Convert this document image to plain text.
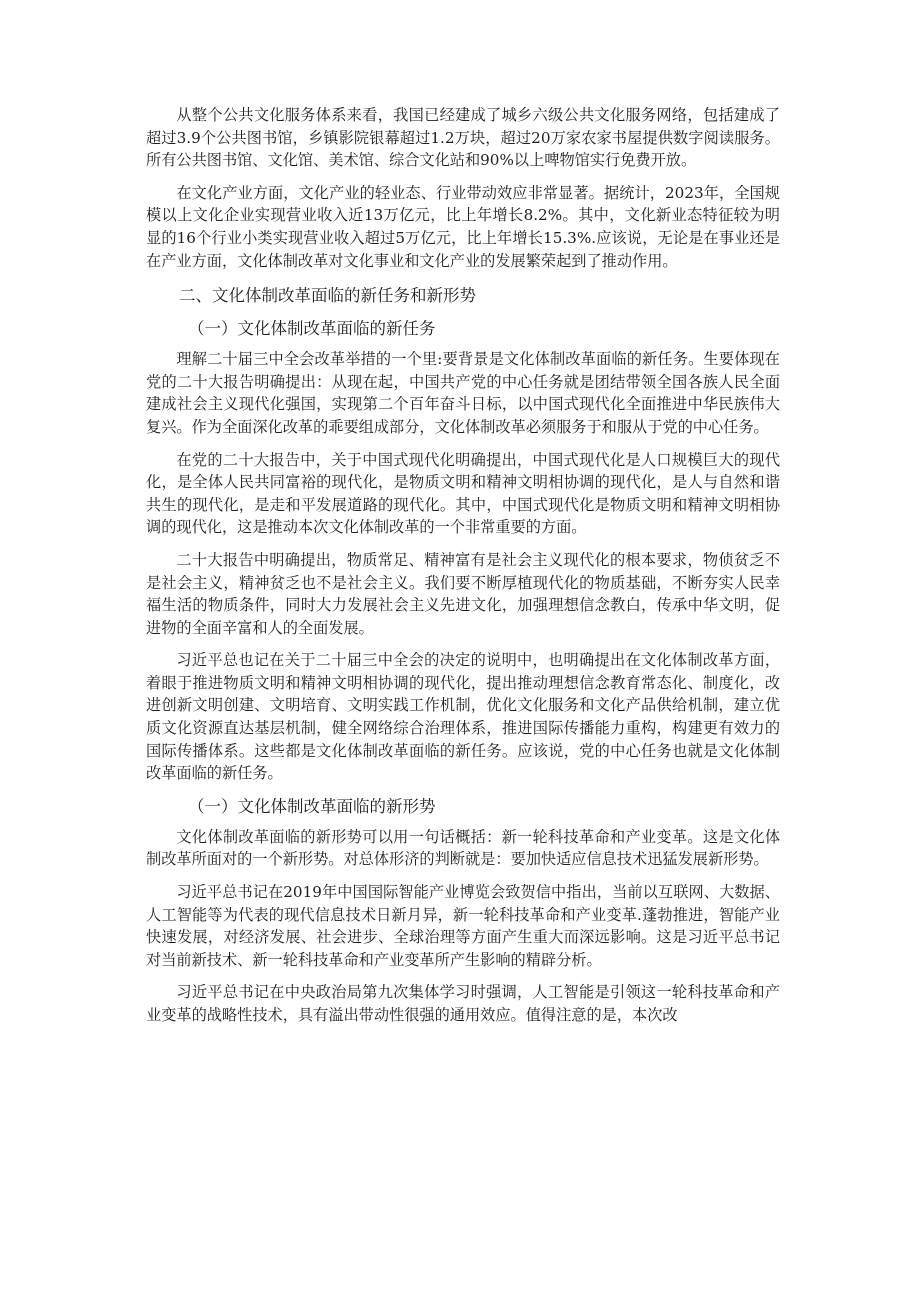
从整个公共文化服务体系来看，我国已经建成了城乡六级公共文化服务网络，包括建成了超过3.9个公共图书馆，乡镇影院银幕超过1.2万块，超过20万家农家书屋提供数字阅读服务。所有公共图书馆、文化馆、美术馆、综合文化站和90%以上啤物馆实行免费开放。

在文化产业方面，文化产业的轻业态、行业带动效应非常显著。据统计，2023年，全国规模以上文化企业实现营业收入近13万亿元，比上年增长8.2%。其中，文化新业态特征较为明显的16个行业小类实现营业收入超过5万亿元，比上年增长15.3%.应该说，无论是在事业还是在产业方面，文化体制改革对文化事业和文化产业的发展繁荣起到了推动作用。

二、文化体制改革面临的新任务和新形势
（一）文化体制改革面临的新任务

理解二十届三中全会改革举措的一个里:要背景是文化体制改革面临的新任务。生要体现在党的二十大报告明确提出：从现在起，中国共产党的中心任务就是团结带领全国各族人民全面建成社会主义现代化强国，实现第二个百年奋斗日标，以中国式现代化全面推进中华民族伟大复兴。作为全面深化改革的乖要组成部分，文化体制改革必须服务于和服从于党的中心任务。

在党的二十大报告中，关于中国式现代化明确提出，中国式现代化是人口规模巨大的现代化，是全体人民共同富裕的现代化，是物质文明和精神文明相协调的现代化，是人与自然和谐共生的现代化，是走和平发展道路的现代化。其中，中国式现代化是物质文明和精神文明相协调的现代化，这是推动本次文化体制改革的一个非常重要的方面。

二十大报告中明确提出，物质常足、精神富有是社会主义现代化的根本要求，物侦贫乏不是社会主义，精神贫乏也不是社会主义。我们要不断厚植现代化的物质基础，不断夯实人民幸福生活的物质条件，同时大力发展社会主义先进文化，加强理想信念教白，传承中华文明，促进物的全面辛富和人的全面发展。

习近平总也记在关于二十届三中全会的决定的说明中，也明确提出在文化体制改革方面，着眼于推进物质文明和精神文明相协调的现代化，提出推动理想信念教育常态化、制度化，改进创新文明创建、文明培育、文明实践工作机制，优化文化服务和文化产品供给机制，建立优质文化资源直达基层机制，健全网络综合治理体系，推进国际传播能力重构，构建更有效力的国际传播体系。这些都是文化体制改革面临的新任务。应该说，党的中心任务也就是文化体制改革面临的新任务。

（一）文化体制改革面临的新形势

文化体制改革面临的新形势可以用一句话概括：新一轮科技革命和产业变革。这是文化体制改革所面对的一个新形势。对总体形济的判断就是：要加快适应信息技术迅猛发展新形势。

习近平总书记在2019年中国国际智能产业博览会致贺信中指出，当前以互联网、大数据、人工智能等为代表的现代信息技术日新月异，新一轮科技革命和产业变革.蓬勃推进，智能产业快速发展，对经济发展、社会进步、全球治理等方面产生重大而深远影响。这是习近平总书记对当前新技术、新一轮科技革命和产业变革所产生影响的精辟分析。

习近平总书记在中央政治局第九次集体学习时强调，人工智能是引领这一轮科技革命和产业变革的战略性技术，具有溢出带动性很强的通用效应。值得注意的是，本次改
